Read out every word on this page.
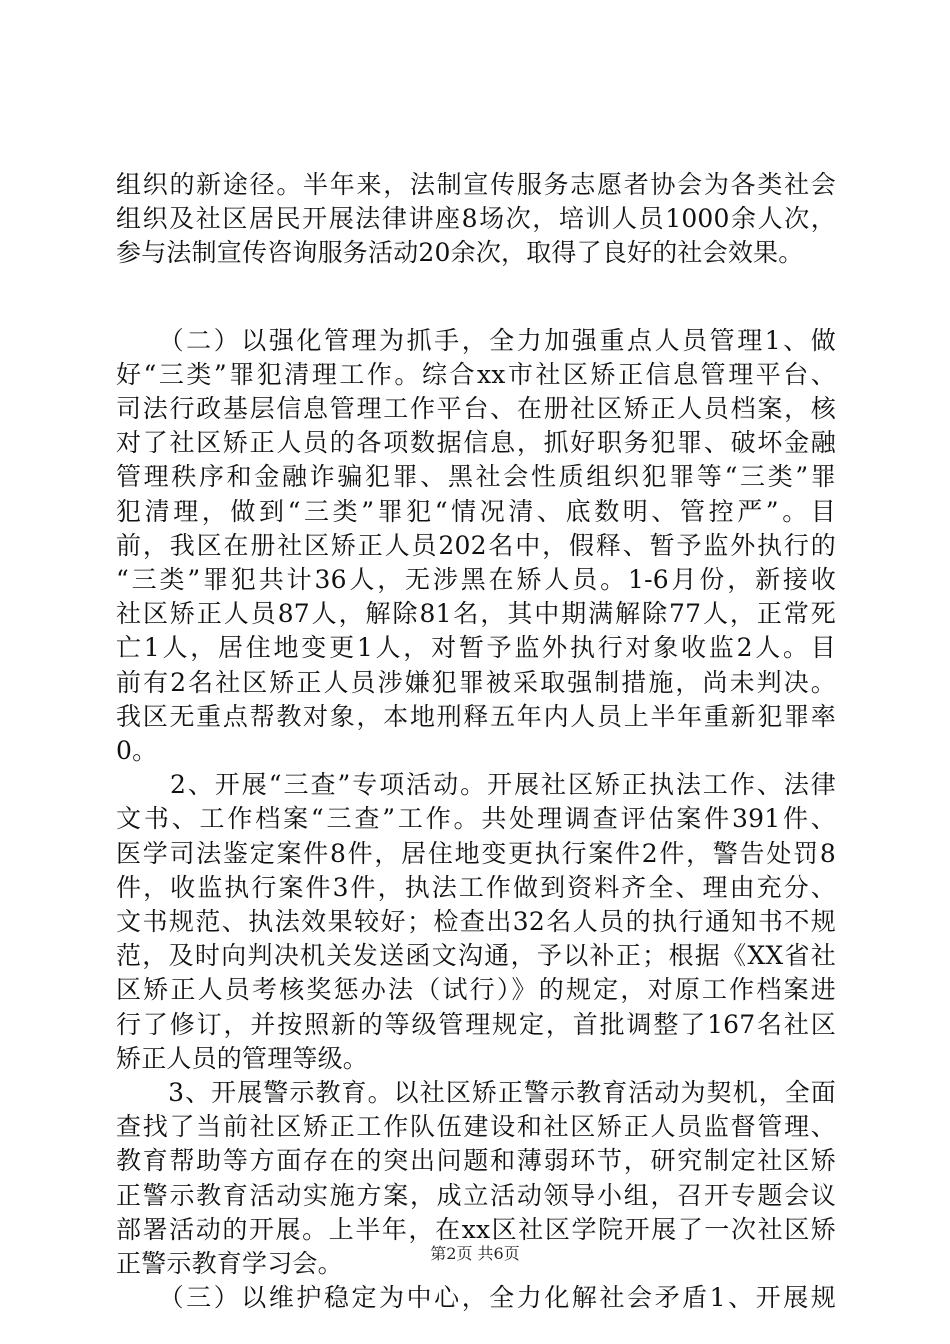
组织的新途径。半年来，法制宣传服务志愿者协会为各类社会
组织及社区居民开展法律讲座8场次，培训人员1000余人次，
参与法制宣传咨询服务活动20余次，取得了良好的社会效果。
　　（二）以强化管理为抓手，全力加强重点人员管理1、做
好“三类”罪犯清理工作。综合xx市社区矫正信息管理平台、
司法行政基层信息管理工作平台、在册社区矫正人员档案，核
对了社区矫正人员的各项数据信息，抓好职务犯罪、破坏金融
管理秩序和金融诈骗犯罪、黑社会性质组织犯罪等“三类”罪
犯清理，做到“三类”罪犯“情况清、底数明、管控严”。目
前，我区在册社区矫正人员202名中，假释、暂予监外执行的
“三类”罪犯共计36人，无涉黑在矫人员。1-6月份，新接收
社区矫正人员87人，解除81名，其中期满解除77人，正常死
亡1人，居住地变更1人，对暂予监外执行对象收监2人。目
前有2名社区矫正人员涉嫌犯罪被采取强制措施，尚未判决。
我区无重点帮教对象，本地刑释五年内人员上半年重新犯罪率
0。
　　2、开展“三查”专项活动。开展社区矫正执法工作、法律
文书、工作档案“三查”工作。共处理调查评估案件391件、
医学司法鉴定案件8件，居住地变更执行案件2件，警告处罚8
件，收监执行案件3件，执法工作做到资料齐全、理由充分、
文书规范、执法效果较好；检查出32名人员的执行通知书不规
范，及时向判决机关发送函文沟通，予以补正；根据《XX省社
区矫正人员考核奖惩办法（试行）》的规定，对原工作档案进
行了修订，并按照新的等级管理规定，首批调整了167名社区
矫正人员的管理等级。
　　3、开展警示教育。以社区矫正警示教育活动为契机，全面
查找了当前社区矫正工作队伍建设和社区矫正人员监督管理、
教育帮助等方面存在的突出问题和薄弱环节，研究制定社区矫
正警示教育活动实施方案，成立活动领导小组，召开专题会议
部署活动的开展。上半年，在xx区社区学院开展了一次社区矫
正警示教育学习会。
　　（三）以维护稳定为中心，全力化解社会矛盾1、开展规
第2页 共6页
